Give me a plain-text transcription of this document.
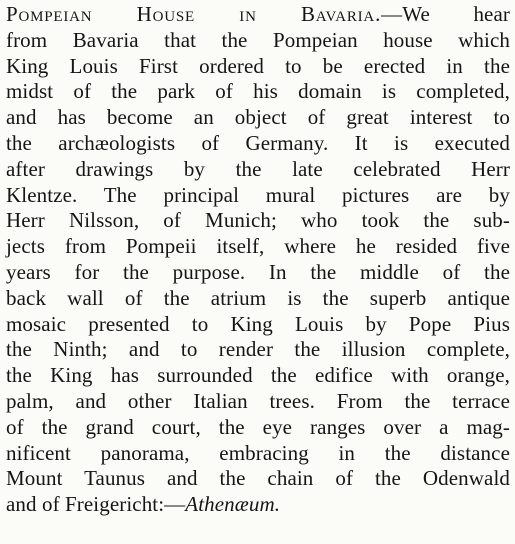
Pompeian House in Bavaria.—We hear
from Bavaria that the Pompeian house which
King Louis First ordered to be erected in the
midst of the park of his domain is completed,
and has become an object of great interest to
the archæologists of Germany. It is executed
after drawings by the late celebrated Herr
Klentze. The principal mural pictures are by
Herr Nilsson, of Munich; who took the sub-
jects from Pompeii itself, where he resided five
years for the purpose. In the middle of the
back wall of the atrium is the superb antique
mosaic presented to King Louis by Pope Pius
the Ninth; and to render the illusion complete,
the King has surrounded the edifice with orange,
palm, and other Italian trees. From the terrace
of the grand court, the eye ranges over a mag-
nificent panorama, embracing in the distance
Mount Taunus and the chain of the Odenwald
and of Freigericht:—Athenæum.
